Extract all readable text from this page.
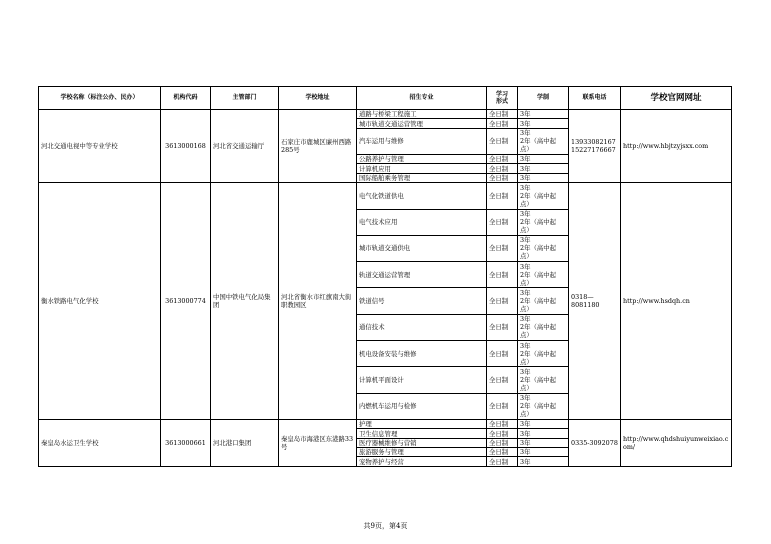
学校名称（标注公办、民办）	机构代码	主管部门	学校地址	招生专业	学习
形式	学制	联系电话	学校官网网址
河北交通电视中等专业学校	3613000168	河北省交通运输厅	石家庄市鹿城区廉州西路285号	道路与桥梁工程施工	全日制	3年	13933082167
15227176667	http://www.hbjtzyjsxx.com
				城市轨道交通运营管理	全日制	3年		

				汽车运用与维修	全日制	3年
2年（高中起
点）		

				公路养护与管理	全日制	3年		

				计算机应用	全日制	3年		

				国际船舶乘务管理	全日制	3年		

衡水铁路电气化学校	3613000774	中国中铁电气化局集团	河北省衡水市红旗南大街职教园区	电气化铁道供电	全日制	3年
2年（高中起
点）	0318—8081180	http://www.hsdqh.cn
				电气技术应用	全日制	3年
2年（高中起
点）		

				城市轨道交通供电	全日制	3年
2年（高中起
点）		

				轨道交通运营管理	全日制	3年
2年（高中起
点）		

				铁道信号	全日制	3年
2年（高中起
点）		

				通信技术	全日制	3年
2年（高中起
点）		

				机电设备安装与维修	全日制	3年
2年（高中起
点）		

				计算机平面设计	全日制	3年
2年（高中起
点）		

				内燃机车运用与检修	全日制	3年
2年（高中起
点）		

秦皇岛水运卫生学校	3613000661	河北港口集团	秦皇岛市海港区东港路33号	护理	全日制	3年	0335-3092078	http://www.qhdshuiyunweixiao.com/
				卫生信息管理	全日制	3年		

				医疗器械维修与营销	全日制	3年		

				旅游服务与管理	全日制	3年		

				宠物养护与经营	全日制	3年		
共9页，第4页
